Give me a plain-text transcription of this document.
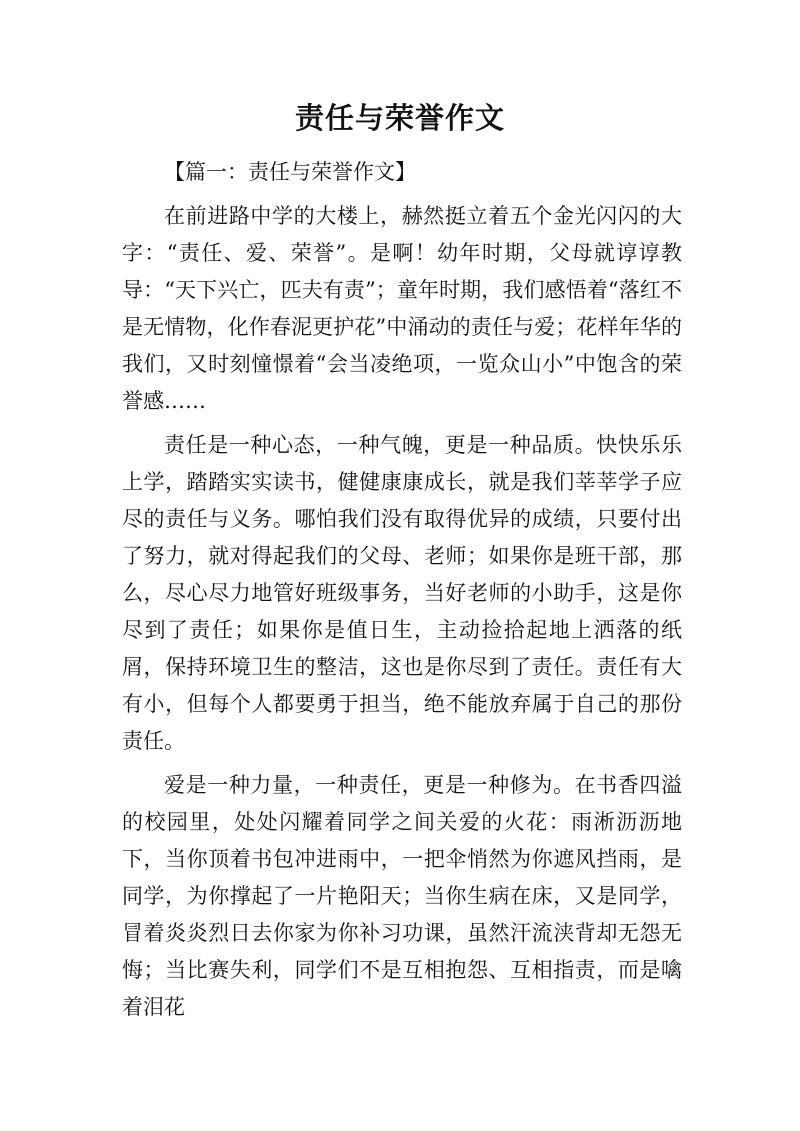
责任与荣誉作文

【篇一：责任与荣誉作文】

在前进路中学的大楼上，赫然挺立着五个金光闪闪的大字：“责任、爱、荣誉”。是啊！幼年时期，父母就谆谆教导：“天下兴亡，匹夫有责”；童年时期，我们感悟着“落红不是无情物，化作春泥更护花”中涌动的责任与爱；花样年华的我们，又时刻憧憬着“会当凌绝项，一览众山小”中饱含的荣誉感……

责任是一种心态，一种气魄，更是一种品质。快快乐乐上学，踏踏实实读书，健健康康成长，就是我们莘莘学子应尽的责任与义务。哪怕我们没有取得优异的成绩，只要付出了努力，就对得起我们的父母、老师；如果你是班干部，那么，尽心尽力地管好班级事务，当好老师的小助手，这是你尽到了责任；如果你是值日生，主动捡拾起地上洒落的纸屑，保持环境卫生的整洁，这也是你尽到了责任。责任有大有小，但每个人都要勇于担当，绝不能放弃属于自己的那份责任。

爱是一种力量，一种责任，更是一种修为。在书香四溢的校园里，处处闪耀着同学之间关爱的火花：雨淅沥沥地下，当你顶着书包冲进雨中，一把伞悄然为你遮风挡雨，是同学，为你撑起了一片艳阳天；当你生病在床，又是同学，冒着炎炎烈日去你家为你补习功课，虽然汗流浃背却无怨无悔；当比赛失利，同学们不是互相抱怨、互相指责，而是噙着泪花
